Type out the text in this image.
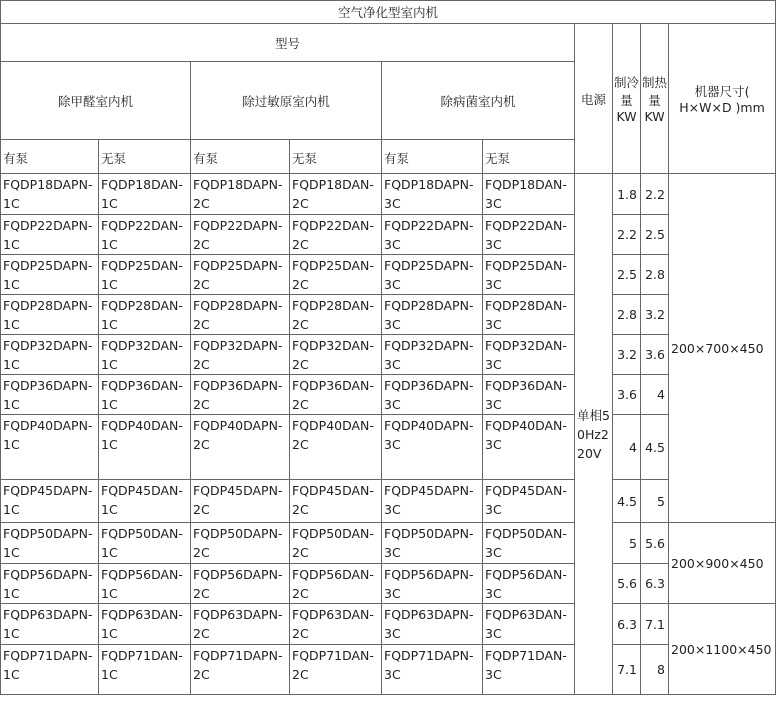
空气净化型室内机									
型号						电源	制冷量KW	制热量KW	机器尺寸( H×W×D )mm
除甲醛室内机		除过敏原室内机		除病菌室内机					
有泵	无泵	有泵	无泵	有泵	无泵				
FQDP18DAPN-1C	FQDP18DAN-1C	FQDP18DAPN-2C	FQDP18DAN-2C	FQDP18DAPN-3C	FQDP18DAN-3C	单相50Hz220V	1.8	2.2	200×700×450
FQDP22DAPN-1C	FQDP22DAN-1C	FQDP22DAPN-2C	FQDP22DAN-2C	FQDP22DAPN-3C	FQDP22DAN-3C		2.2	2.5	
FQDP25DAPN-1C	FQDP25DAN-1C	FQDP25DAPN-2C	FQDP25DAN-2C	FQDP25DAPN-3C	FQDP25DAN-3C		2.5	2.8	
FQDP28DAPN-1C	FQDP28DAN-1C	FQDP28DAPN-2C	FQDP28DAN-2C	FQDP28DAPN-3C	FQDP28DAN-3C		2.8	3.2	
FQDP32DAPN-1C	FQDP32DAN-1C	FQDP32DAPN-2C	FQDP32DAN-2C	FQDP32DAPN-3C	FQDP32DAN-3C		3.2	3.6	
FQDP36DAPN-1C	FQDP36DAN-1C	FQDP36DAPN-2C	FQDP36DAN-2C	FQDP36DAPN-3C	FQDP36DAN-3C		3.6	4	
FQDP40DAPN-1C	FQDP40DAN-1C	FQDP40DAPN-2C	FQDP40DAN-2C	FQDP40DAPN-3C	FQDP40DAN-3C		4	4.5	
FQDP45DAPN-1C	FQDP45DAN-1C	FQDP45DAPN-2C	FQDP45DAN-2C	FQDP45DAPN-3C	FQDP45DAN-3C		4.5	5	
FQDP50DAPN-1C	FQDP50DAN-1C	FQDP50DAPN-2C	FQDP50DAN-2C	FQDP50DAPN-3C	FQDP50DAN-3C		5	5.6	200×900×450
FQDP56DAPN-1C	FQDP56DAN-1C	FQDP56DAPN-2C	FQDP56DAN-2C	FQDP56DAPN-3C	FQDP56DAN-3C		5.6	6.3	
FQDP63DAPN-1C	FQDP63DAN-1C	FQDP63DAPN-2C	FQDP63DAN-2C	FQDP63DAPN-3C	FQDP63DAN-3C		6.3	7.1	200×1100×450
FQDP71DAPN-1C	FQDP71DAN-1C	FQDP71DAPN-2C	FQDP71DAN-2C	FQDP71DAPN-3C	FQDP71DAN-3C		7.1	8	
